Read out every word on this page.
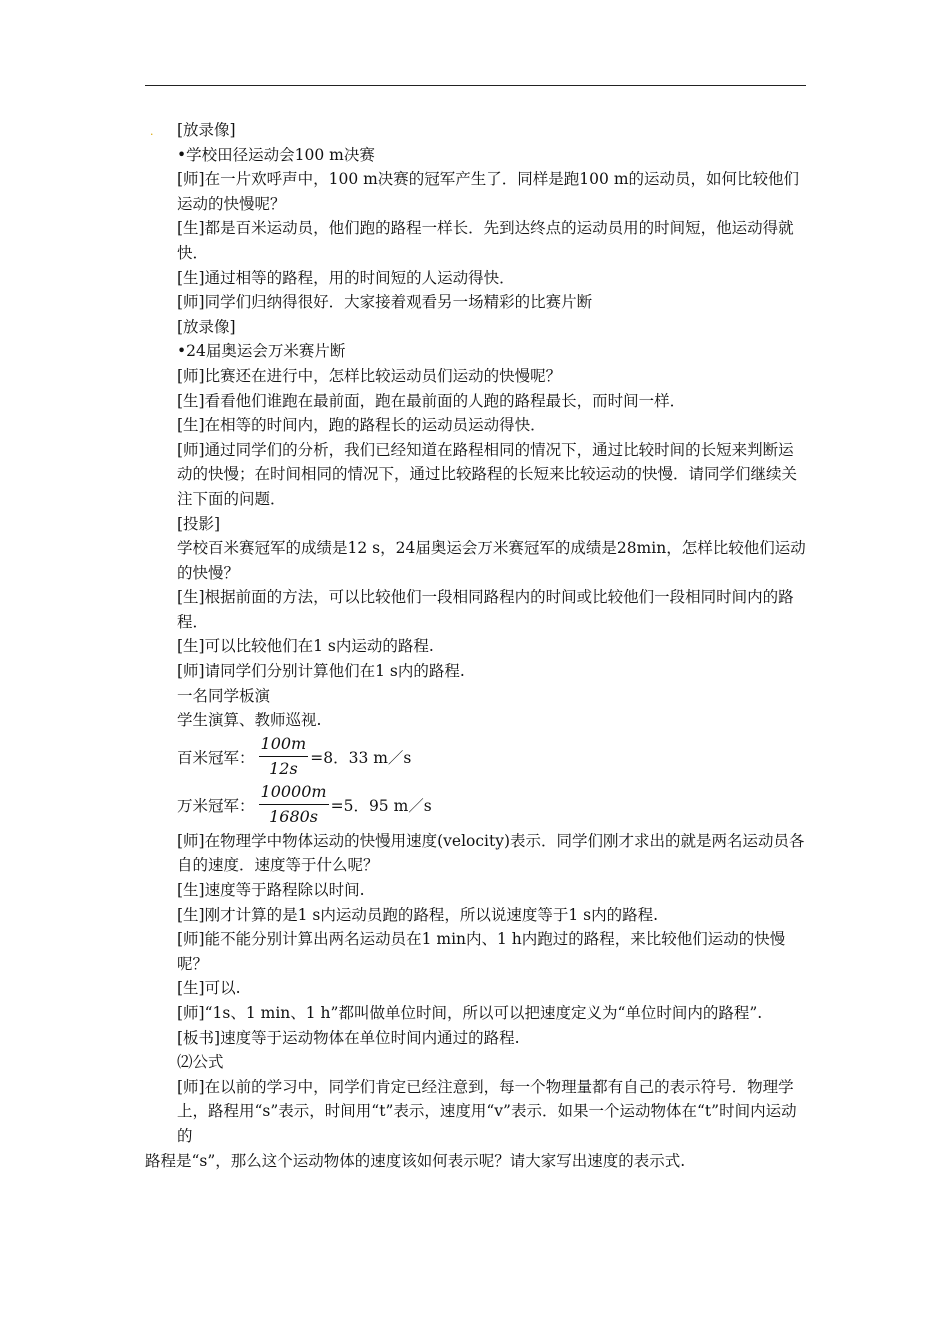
·	[放录像]

•学校田径运动会100 m决赛

[师]在一片欢呼声中，100 m决赛的冠军产生了．同样是跑100 m的运动员，如何比较他们运动的快慢呢？

[生]都是百米运动员，他们跑的路程一样长．先到达终点的运动员用的时间短，他运动得就快．

[生]通过相等的路程，用的时间短的人运动得快．

[师]同学们归纳得很好．大家接着观看另一场精彩的比赛片断

[放录像]

•24届奥运会万米赛片断

[师]比赛还在进行中，怎样比较运动员们运动的快慢呢？

[生]看看他们谁跑在最前面，跑在最前面的人跑的路程最长，而时间一样．

[生]在相等的时间内，跑的路程长的运动员运动得快．

[师]通过同学们的分析，我们已经知道在路程相同的情况下，通过比较时间的长短来判断运动的快慢；在时间相同的情况下，通过比较路程的长短来比较运动的快慢．请同学们继续关注下面的问题．

[投影]

学校百米赛冠军的成绩是12 s，24届奥运会万米赛冠军的成绩是28min，怎样比较他们运动的快慢？

[生]根据前面的方法，可以比较他们一段相同路程内的时间或比较他们一段相同时间内的路程．

[生]可以比较他们在1 s内运动的路程.

[师]请同学们分别计算他们在1 s内的路程.

一名同学板演

学生演算、教师巡视.

百米冠军： $\frac{100m}{12s} =8$．33 m／s
万米冠军： $\frac{10000m}{1680s} =5$．95 m／s

[师]在物理学中物体运动的快慢用速度(velocity)表示．同学们刚才求出的就是两名运动员各自的速度．速度等于什么呢？

[生]速度等于路程除以时间.

[生]刚才计算的是1 s内运动员跑的路程，所以说速度等于1 s内的路程.

[师]能不能分别计算出两名运动员在1 min内、1 h内跑过的路程，来比较他们运动的快慢呢？

[生]可以.

[师]“1s、1 min、1 h”都叫做单位时间，所以可以把速度定义为“单位时间内的路程”.

[板书]速度等于运动物体在单位时间内通过的路程.

⑵公式

[师]在以前的学习中，同学们肯定已经注意到，每一个物理量都有自己的表示符号．物理学上，路程用“s”表示，时间用“t”表示，速度用“v”表示．如果一个运动物体在“t”时间内运动的

路程是“s”，那么这个运动物体的速度该如何表示呢？请大家写出速度的表示式.
